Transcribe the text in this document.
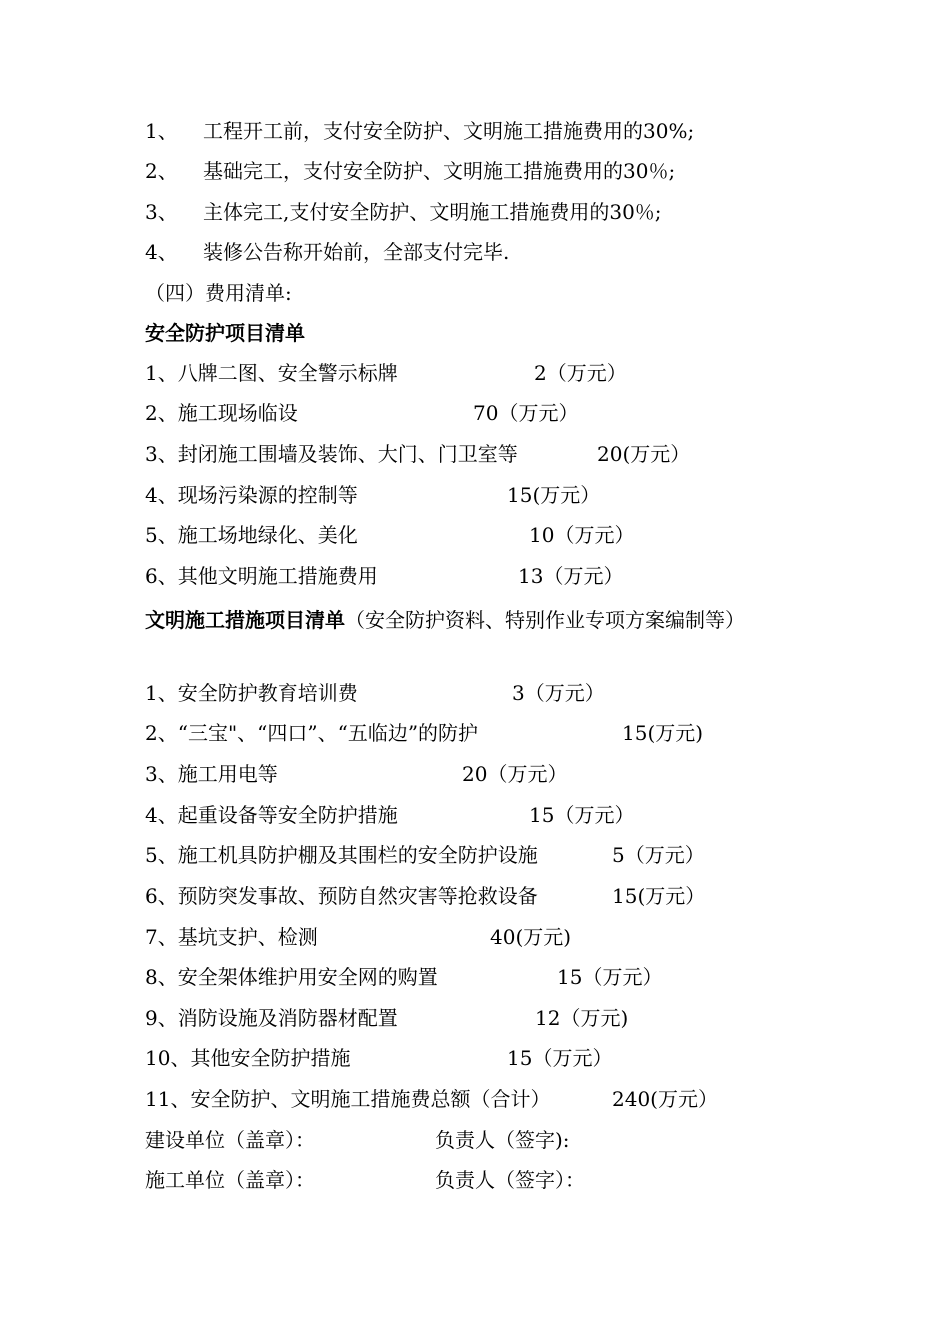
1、 工程开工前，支付安全防护、文明施工措施费用的30%;
2、 基础完工，支付安全防护、文明施工措施费用的30％;
3、 主体完工,支付安全防护、文明施工措施费用的30％;
4、 装修公告称开始前，全部支付完毕.
（四）费用清单:
安全防护项目清单
1、八牌二图、安全警示标牌	2（万元）
2、施工现场临设	70（万元）
3、封闭施工围墙及装饰、大门、门卫室等	20(万元）
4、现场污染源的控制等	15(万元）
5、施工场地绿化、美化	10（万元）
6、其他文明施工措施费用	13（万元）
文明施工措施项目清单（安全防护资料、特别作业专项方案编制等）
1、安全防护教育培训费	3（万元）
2、“三宝"、“四口”、“五临边”的防护	15(万元)
3、施工用电等	20（万元）
4、起重设备等安全防护措施	15（万元）
5、施工机具防护棚及其围栏的安全防护设施	5（万元）
6、预防突发事故、预防自然灾害等抢救设备	15(万元）
7、基坑支护、检测	40(万元)
8、安全架体维护用安全网的购置	15（万元）
9、消防设施及消防器材配置	12（万元)
10、其他安全防护措施	15（万元）
11、安全防护、文明施工措施费总额（合计）	240(万元）
建设单位（盖章）：	负责人（签字):
施工单位（盖章）：	负责人（签字）：
